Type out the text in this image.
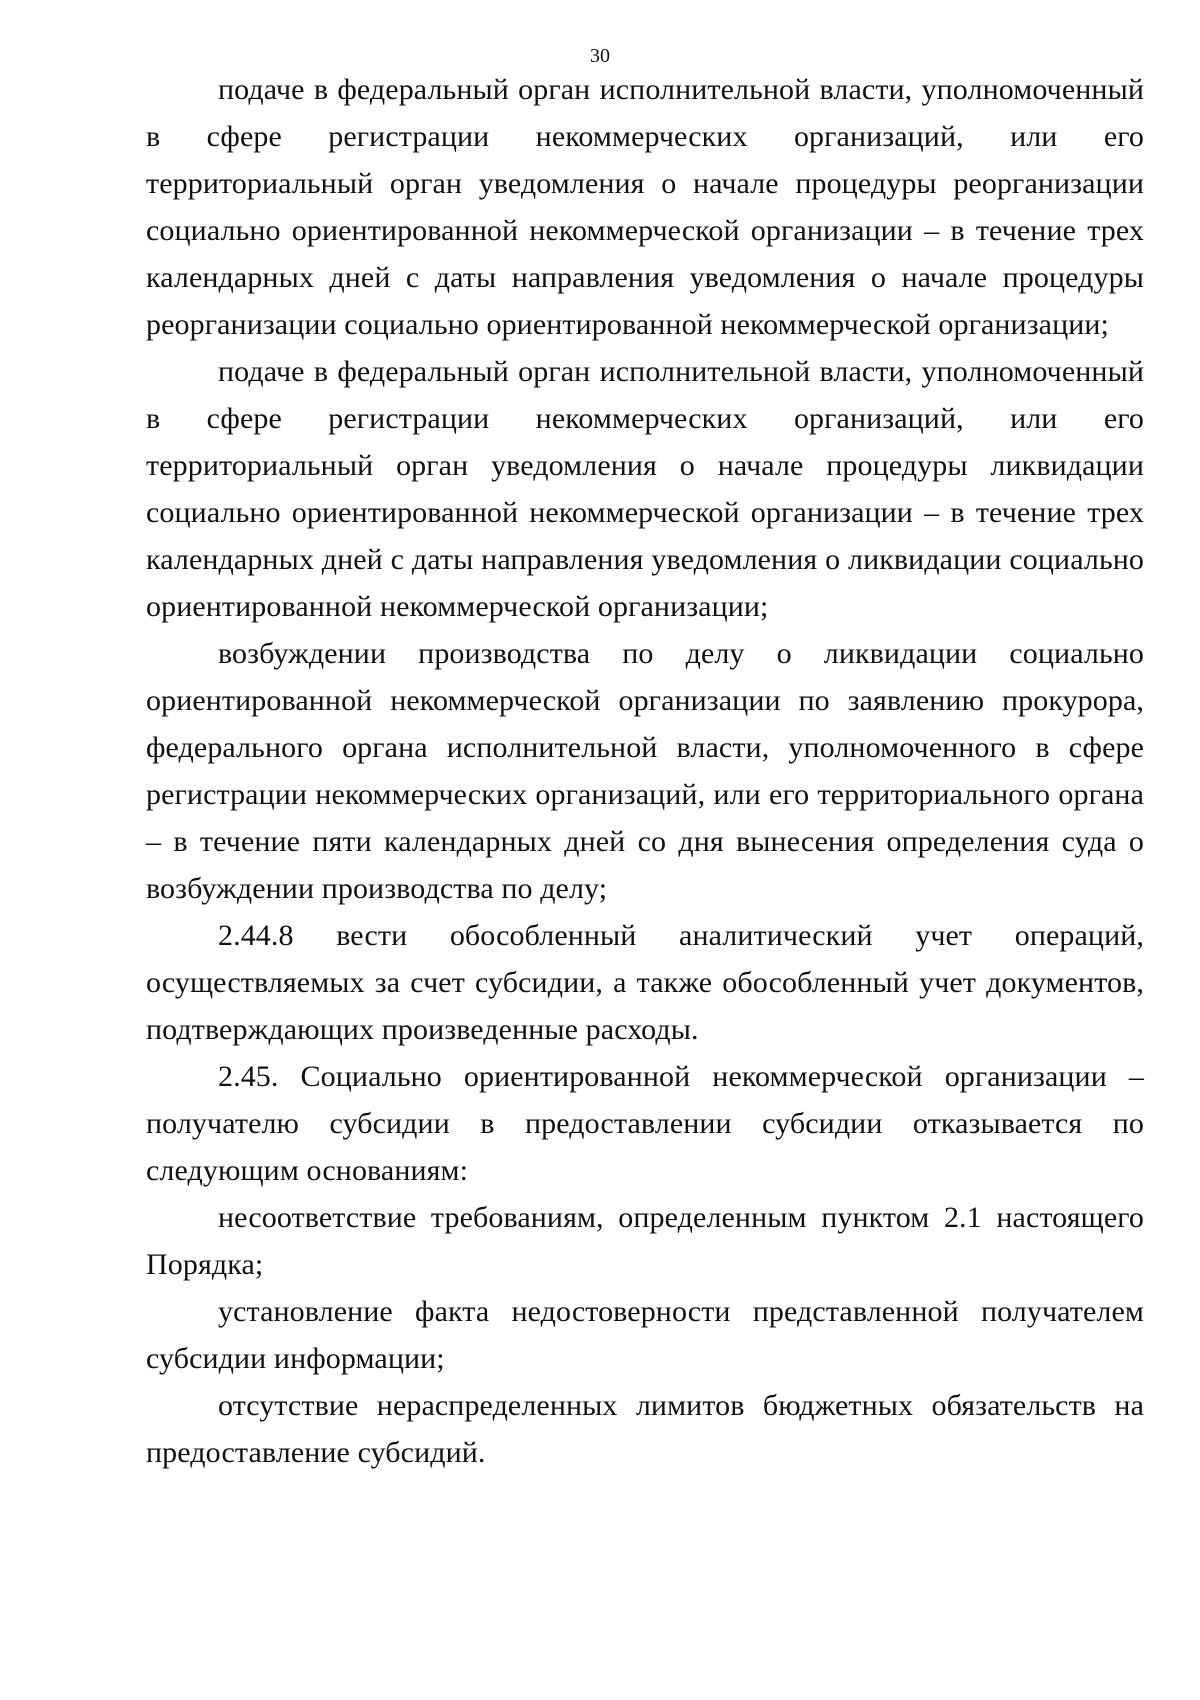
30

подаче в федеральный орган исполнительной власти, уполномоченный в сфере регистрации некоммерческих организаций, или его территориальный орган уведомления о начале процедуры реорганизации социально ориентированной некоммерческой организации – в течение трех календарных дней с даты направления уведомления о начале процедуры реорганизации социально ориентированной некоммерческой организации;

подаче в федеральный орган исполнительной власти, уполномоченный в сфере регистрации некоммерческих организаций, или его территориальный орган уведомления о начале процедуры ликвидации социально ориентированной некоммерческой организации – в течение трех календарных дней с даты направления уведомления о ликвидации социально ориентированной некоммерческой организации;

возбуждении производства по делу о ликвидации социально ориентированной некоммерческой организации по заявлению прокурора, федерального органа исполнительной власти, уполномоченного в сфере регистрации некоммерческих организаций, или его территориального органа – в течение пяти календарных дней со дня вынесения определения суда о возбуждении производства по делу;

2.44.8 вести обособленный аналитический учет операций, осуществляемых за счет субсидии, а также обособленный учет документов, подтверждающих произведенные расходы.

2.45. Социально ориентированной некоммерческой организации – получателю субсидии в предоставлении субсидии отказывается по следующим основаниям:

несоответствие требованиям, определенным пунктом 2.1 настоящего Порядка;

установление факта недостоверности представленной получателем субсидии информации;

отсутствие нераспределенных лимитов бюджетных обязательств на предоставление субсидий.
